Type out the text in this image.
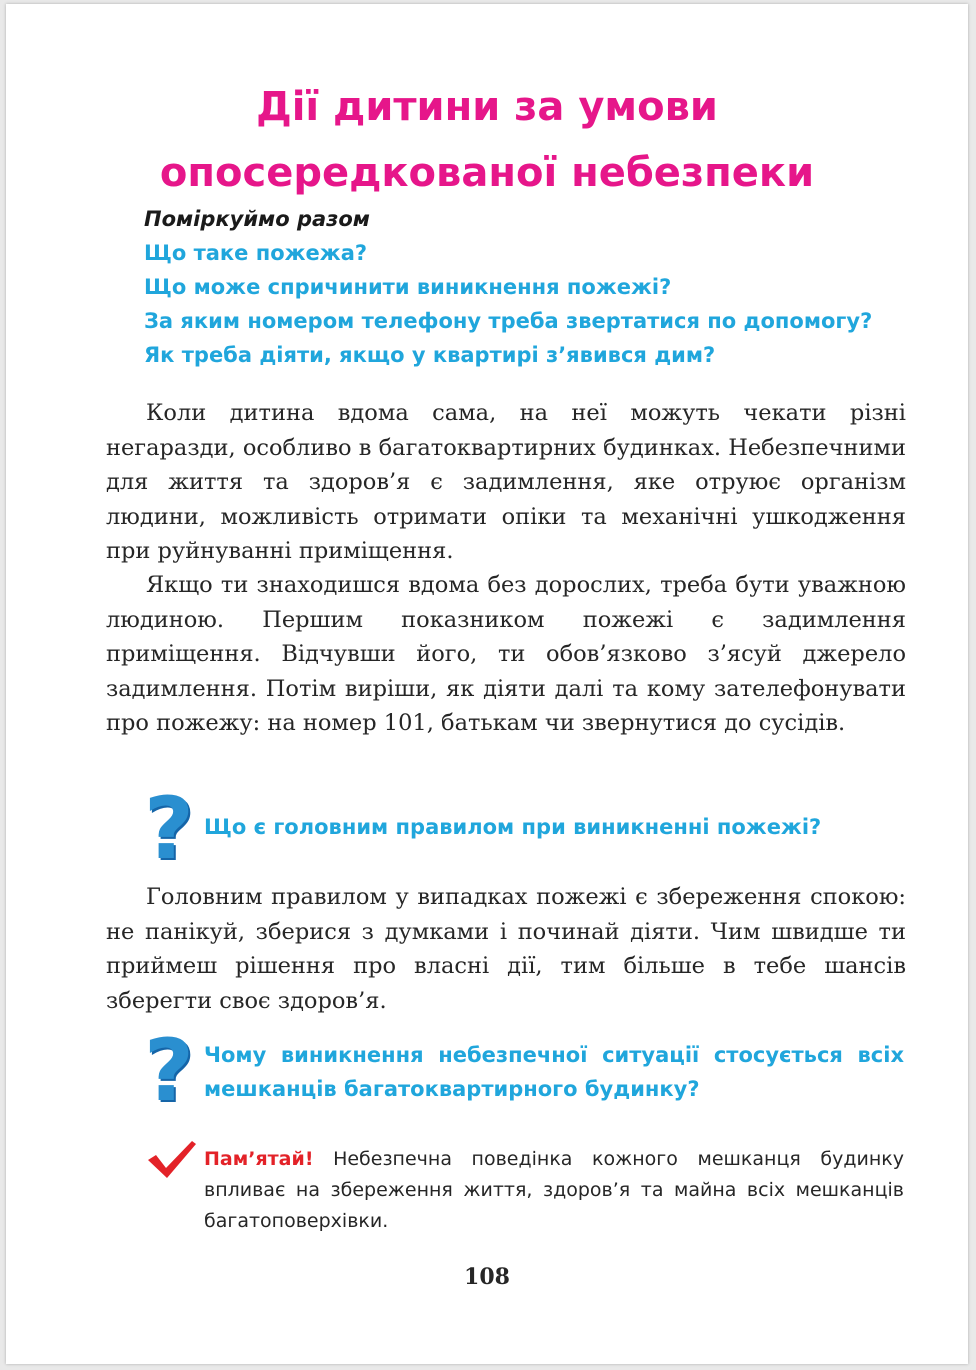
Дії дитини за умови
опосередкованої небезпеки
Поміркуймо разом
Що таке пожежа?
Що може спричинити виникнення пожежі?
За яким номером телефону треба звертатися по допомогу?
Як треба діяти, якщо у квартирі з’явився дим?

Коли дитина вдома сама, на неї можуть чекати різні негаразди, особливо в багатоквартирних будинках. Небезпечними для життя та здоров’я є задимлення, яке отруює організм людини, можливість отримати опіки та механічні ушкодження при руйнуванні приміщення.

Якщо ти знаходишся вдома без дорослих, треба бути уважною людиною. Першим показником пожежі є задимлення приміщення. Відчувши його, ти обов’язково з’ясуй джерело задимлення. Потім виріши, як діяти далі та кому зателефонувати про пожежу: на номер 101, батькам чи звернутися до сусідів.

? Що є головним правилом при виникненні пожежі?

Головним правилом у випадках пожежі є збереження спокою: не панікуй, зберися з думками і починай діяти. Чим швидше ти приймеш рішення про власні дії, тим більше в тебе шансів зберегти своє здоров’я.

? Чому виникнення небезпечної ситуації стосується всіх мешканців багатоквартирного будинку?

Пам’ятай! Небезпечна поведінка кожного мешканця будинку впливає на збереження життя, здоров’я та майна всіх мешканців багатоповерхівки.

108
